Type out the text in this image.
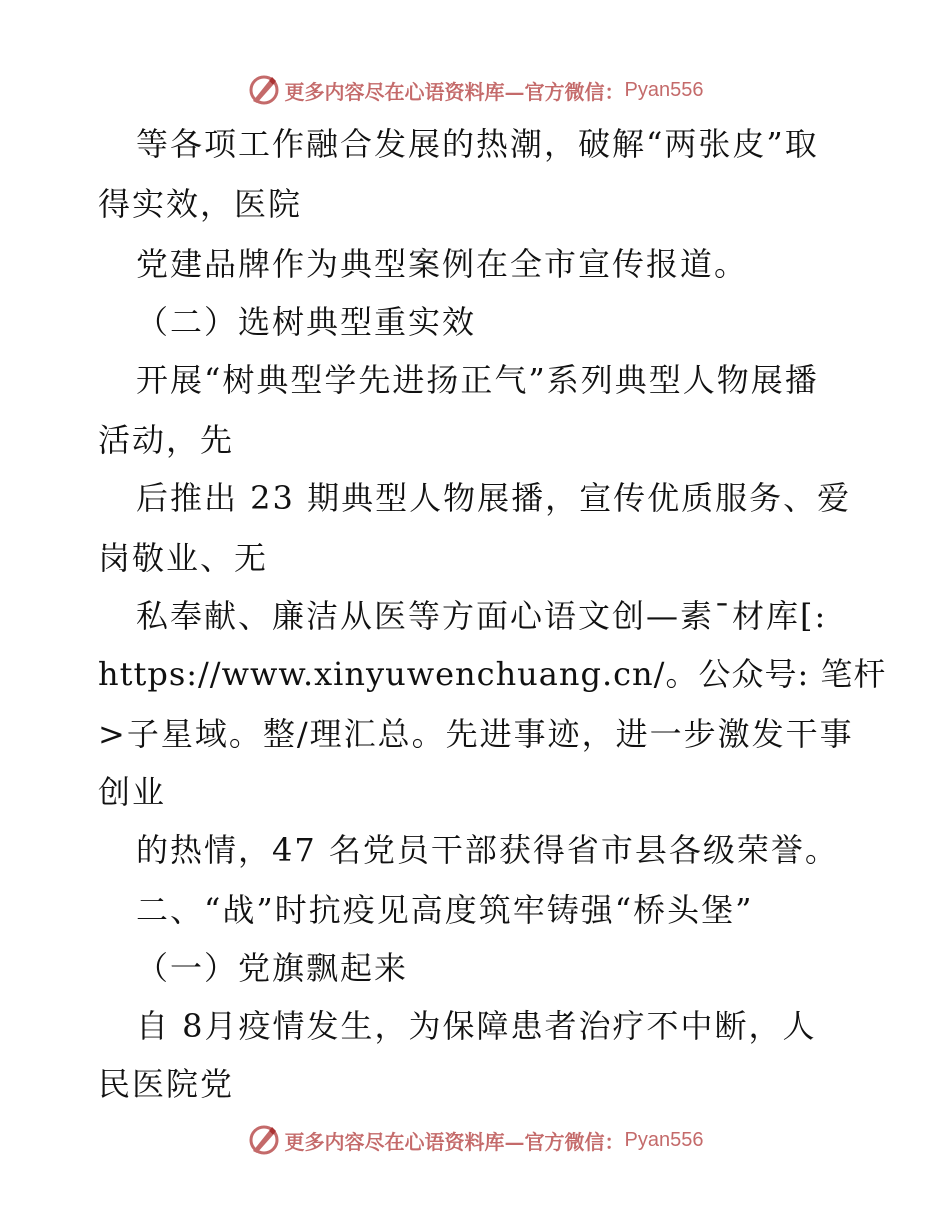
更多内容尽在心语资料库—官方微信： Pyan556
等各项工作融合发展的热潮，破解“两张皮”取
得实效，医院
党建品牌作为典型案例在全市宣传报道。
（二）选树典型重实效
开展“树典型学先进扬正气”系列典型人物展播
活动，先
后推出 23 期典型人物展播，宣传优质服务、爱
岗敬业、无
私奉献、廉洁从医等方面心语文创—素¯材库[:
https://www.xinyuwenchuang.cn/。公众号: 笔杆
>子星域。整/理汇总。先进事迹，进一步激发干事
创业
的热情，47 名党员干部获得省市县各级荣誉。
二、“战”时抗疫见高度筑牢铸强“桥头堡”
（一）党旗飘起来
自 8月疫情发生，为保障患者治疗不中断，人
民医院党
更多内容尽在心语资料库—官方微信： Pyan556
